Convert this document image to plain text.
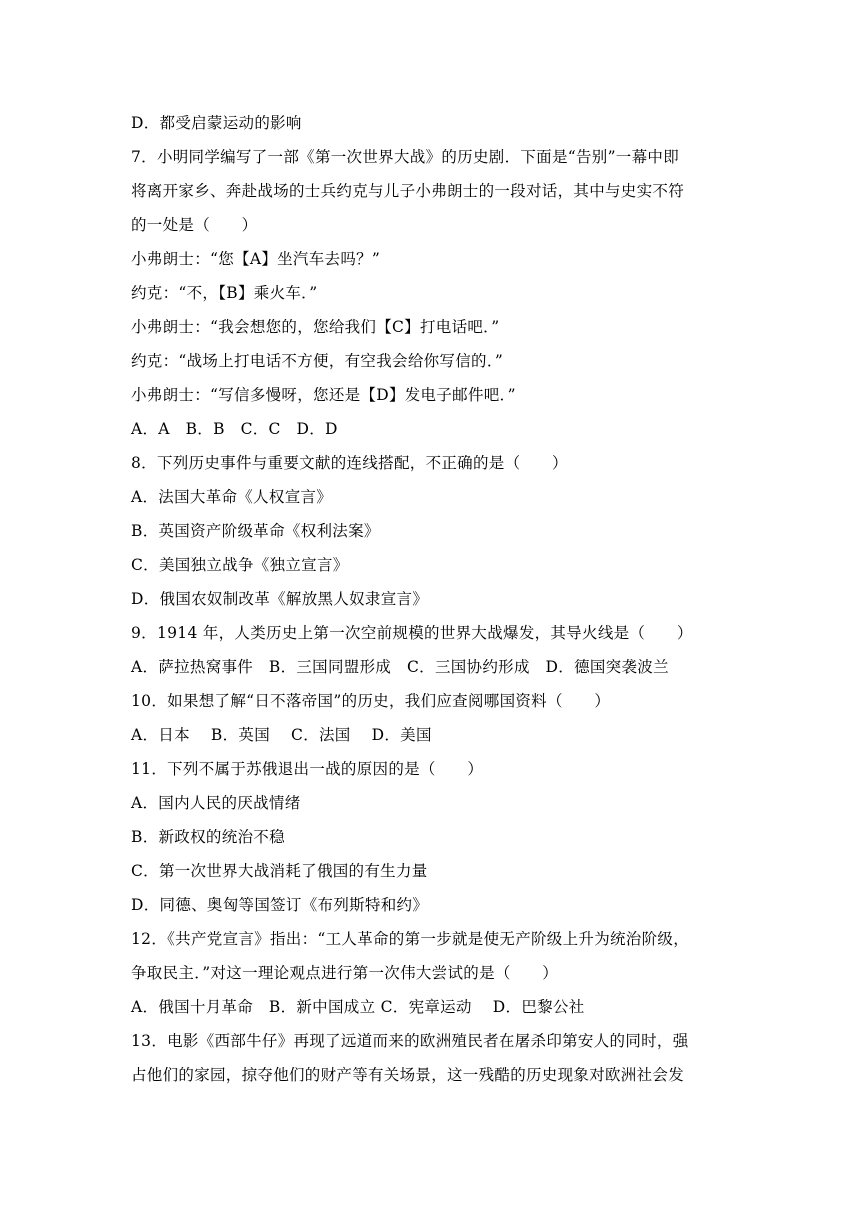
D．都受启蒙运动的影响
7．小明同学编写了一部《第一次世界大战》的历史剧．下面是“告别”一幕中即
将离开家乡、奔赴战场的士兵约克与儿子小弗朗士的一段对话，其中与史实不符
的一处是（　　）
小弗朗士：“您【A】坐汽车去吗？”
约克：“不，【B】乘火车．”
小弗朗士：“我会想您的，您给我们【C】打电话吧．”
约克：“战场上打电话不方便，有空我会给你写信的．”
小弗朗士：“写信多慢呀，您还是【D】发电子邮件吧．”
A．A　B．B　C．C　D．D
8．下列历史事件与重要文献的连线搭配，不正确的是（　　）
A．法国大革命《人权宣言》
B．英国资产阶级革命《权利法案》
C．美国独立战争《独立宣言》
D．俄国农奴制改革《解放黑人奴隶宣言》
9．1914 年，人类历史上第一次空前规模的世界大战爆发，其导火线是（　　）
A．萨拉热窝事件　B．三国同盟形成　C．三国协约形成　D．德国突袭波兰
10．如果想了解“日不落帝国”的历史，我们应查阅哪国资料（　　）
A．日本　 B．英国　 C．法国　 D．美国
11．下列不属于苏俄退出一战的原因的是（　　）
A．国内人民的厌战情绪
B．新政权的统治不稳
C．第一次世界大战消耗了俄国的有生力量
D．同德、奥匈等国签订《布列斯特和约》
12．《共产党宣言》指出：“工人革命的第一步就是使无产阶级上升为统治阶级，
争取民主．”对这一理论观点进行第一次伟大尝试的是（　　）
A．俄国十月革命　B．新中国成立 C．宪章运动　 D．巴黎公社
13．电影《西部牛仔》再现了远道而来的欧洲殖民者在屠杀印第安人的同时，强
占他们的家园，掠夺他们的财产等有关场景，这一残酷的历史现象对欧洲社会发
